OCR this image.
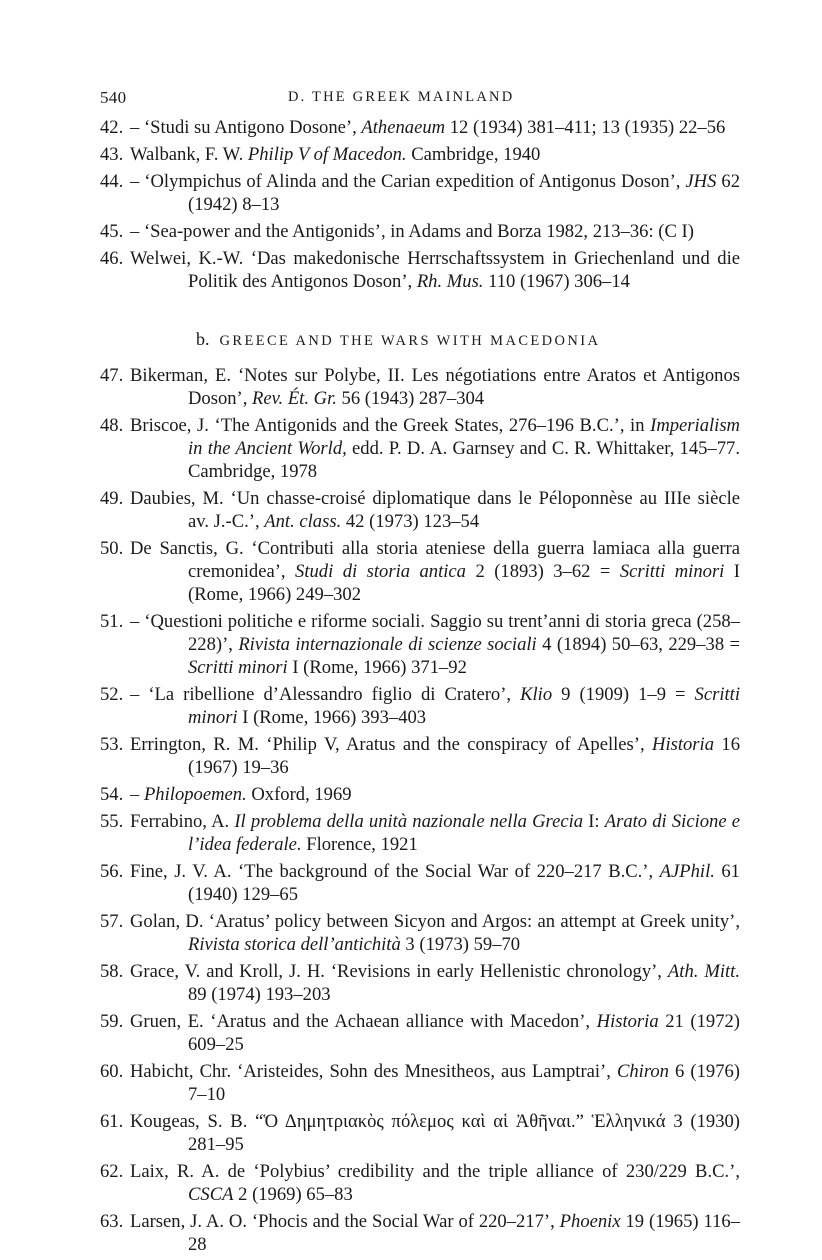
540	D. THE GREEK MAINLAND
42. – ‘Studi su Antigono Dosone’, Athenaeum 12 (1934) 381–411; 13 (1935) 22–56
43. Walbank, F. W. Philip V of Macedon. Cambridge, 1940
44. – ‘Olympichus of Alinda and the Carian expedition of Antigonus Doson’, JHS 62 (1942) 8–13
45. – ‘Sea-power and the Antigonids’, in Adams and Borza 1982, 213–36: (C I)
46. Welwei, K.-W. ‘Das makedonische Herrschaftssystem in Griechenland und die Politik des Antigonos Doson’, Rh. Mus. 110 (1967) 306–14
b. GREECE AND THE WARS WITH MACEDONIA
47. Bikerman, E. ‘Notes sur Polybe, II. Les négotiations entre Aratos et Antigonos Doson’, Rev. Ét. Gr. 56 (1943) 287–304
48. Briscoe, J. ‘The Antigonids and the Greek States, 276–196 B.C.’, in Imperialism in the Ancient World, edd. P. D. A. Garnsey and C. R. Whittaker, 145–77. Cambridge, 1978
49. Daubies, M. ‘Un chasse-croisé diplomatique dans le Péloponnèse au IIIe siècle av. J.-C.’, Ant. class. 42 (1973) 123–54
50. De Sanctis, G. ‘Contributi alla storia ateniese della guerra lamiaca alla guerra cremonidea’, Studi di storia antica 2 (1893) 3–62 = Scritti minori I (Rome, 1966) 249–302
51. – ‘Questioni politiche e riforme sociali. Saggio su trent’anni di storia greca (258–228)’, Rivista internazionale di scienze sociali 4 (1894) 50–63, 229–38 = Scritti minori I (Rome, 1966) 371–92
52. – ‘La ribellione d’Alessandro figlio di Cratero’, Klio 9 (1909) 1–9 = Scritti minori I (Rome, 1966) 393–403
53. Errington, R. M. ‘Philip V, Aratus and the conspiracy of Apelles’, Historia 16 (1967) 19–36
54. – Philopoemen. Oxford, 1969
55. Ferrabino, A. Il problema della unità nazionale nella Grecia I: Arato di Sicione e l’idea federale. Florence, 1921
56. Fine, J. V. A. ‘The background of the Social War of 220–217 B.C.’, AJPhil. 61 (1940) 129–65
57. Golan, D. ‘Aratus’ policy between Sicyon and Argos: an attempt at Greek unity’, Rivista storica dell’antichità 3 (1973) 59–70
58. Grace, V. and Kroll, J. H. ‘Revisions in early Hellenistic chronology’, Ath. Mitt. 89 (1974) 193–203
59. Gruen, E. ‘Aratus and the Achaean alliance with Macedon’, Historia 21 (1972) 609–25
60. Habicht, Chr. ‘Aristeides, Sohn des Mnesitheos, aus Lamptrai’, Chiron 6 (1976) 7–10
61. Kougeas, S. B. “Ὁ Δημητριακὸς πόλεμος καὶ αἱ Ἀθῆναι.” Ἑλληνικά 3 (1930) 281–95
62. Laix, R. A. de ‘Polybius’ credibility and the triple alliance of 230/229 B.C.’, CSCA 2 (1969) 65–83
63. Larsen, J. A. O. ‘Phocis and the Social War of 220–217’, Phoenix 19 (1965) 116–28
